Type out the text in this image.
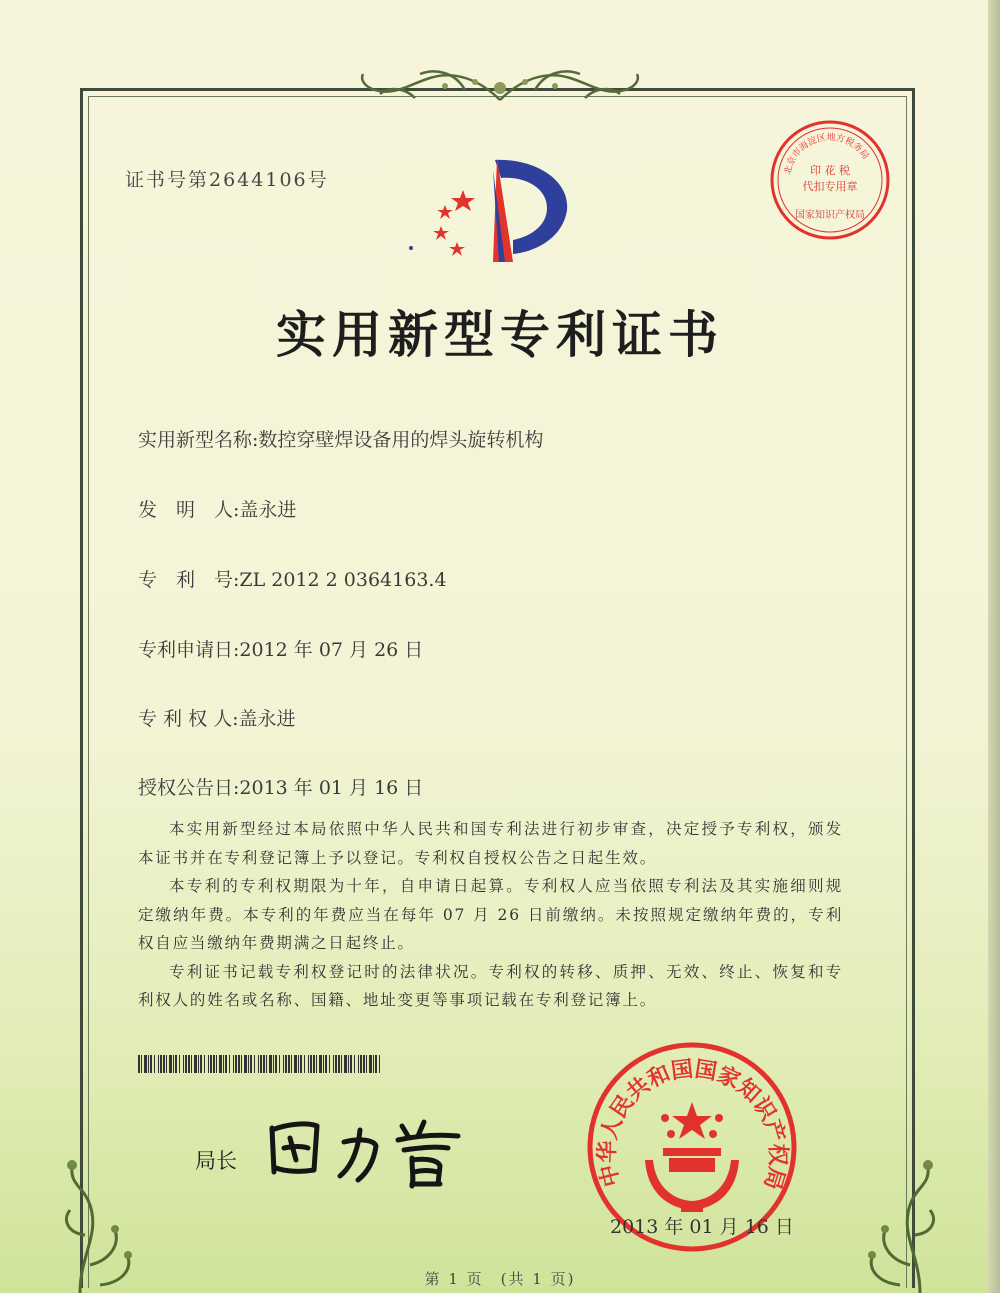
证书号第2644106号
实用新型专利证书
实用新型名称:数控穿壁焊设备用的焊头旋转机构
发　明　人:盖永进
专　利　号:ZL 2012 2 0364163.4
专利申请日:2012 年 07 月 26 日
专 利 权 人:盖永进
授权公告日:2013 年 01 月 16 日

本实用新型经过本局依照中华人民共和国专利法进行初步审查，决定授予专利权，颁发本证书并在专利登记簿上予以登记。专利权自授权公告之日起生效。

本专利的专利权期限为十年，自申请日起算。专利权人应当依照专利法及其实施细则规定缴纳年费。本专利的年费应当在每年 07 月 26 日前缴纳。未按照规定缴纳年费的，专利权自应当缴纳年费期满之日起终止。

专利证书记载专利权登记时的法律状况。专利权的转移、质押、无效、终止、恢复和专利权人的姓名或名称、国籍、地址变更等事项记载在专利登记簿上。

局长
北京市海淀区地方税务局
印 花 税
代扣专用章
国家知识产权局
中华人民共和国国家知识产权局
2013 年 01 月 16 日
第 1 页　(共 1 页)
